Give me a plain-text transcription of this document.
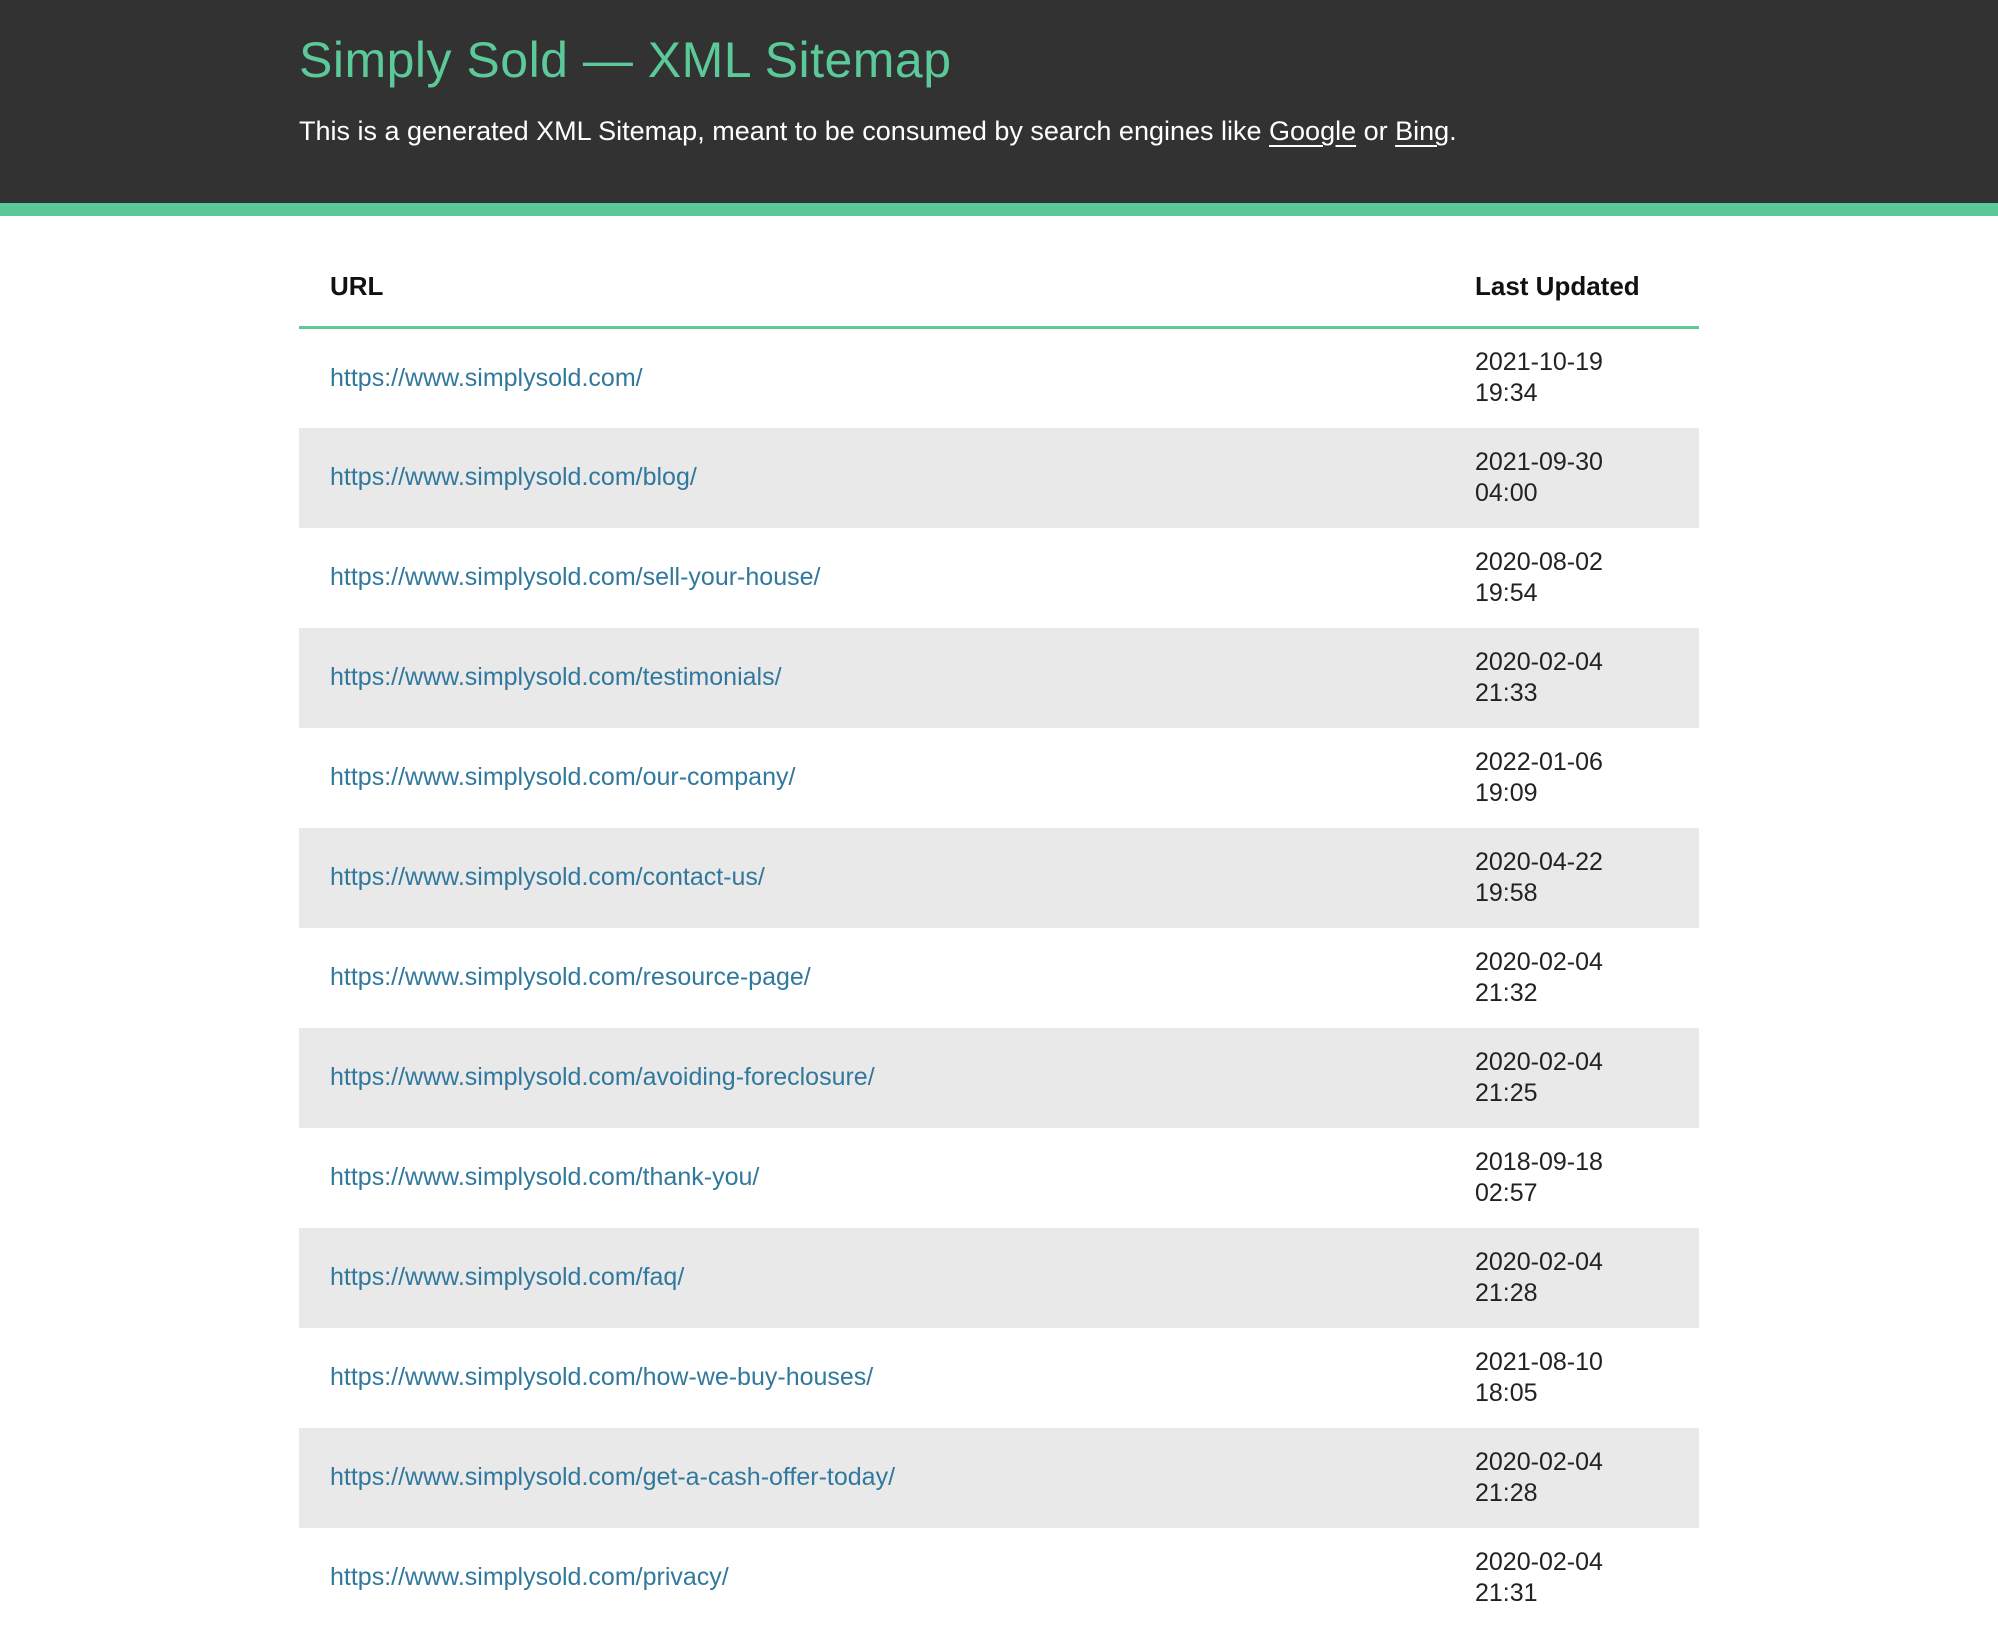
Simply Sold — XML Sitemap

This is a generated XML Sitemap, meant to be consumed by search engines like Google or Bing.

URL	Last Updated
https://www.simplysold.com/	2021-10-19
19:34

https://www.simplysold.com/blog/	2021-09-30
04:00

https://www.simplysold.com/sell-your-house/	2020-08-02
19:54

https://www.simplysold.com/testimonials/	2020-02-04
21:33

https://www.simplysold.com/our-company/	2022-01-06
19:09

https://www.simplysold.com/contact-us/	2020-04-22
19:58

https://www.simplysold.com/resource-page/	2020-02-04
21:32

https://www.simplysold.com/avoiding-foreclosure/	2020-02-04
21:25

https://www.simplysold.com/thank-you/	2018-09-18
02:57

https://www.simplysold.com/faq/	2020-02-04
21:28

https://www.simplysold.com/how-we-buy-houses/	2021-08-10
18:05

https://www.simplysold.com/get-a-cash-offer-today/	2020-02-04
21:28

https://www.simplysold.com/privacy/	2020-02-04
21:31
